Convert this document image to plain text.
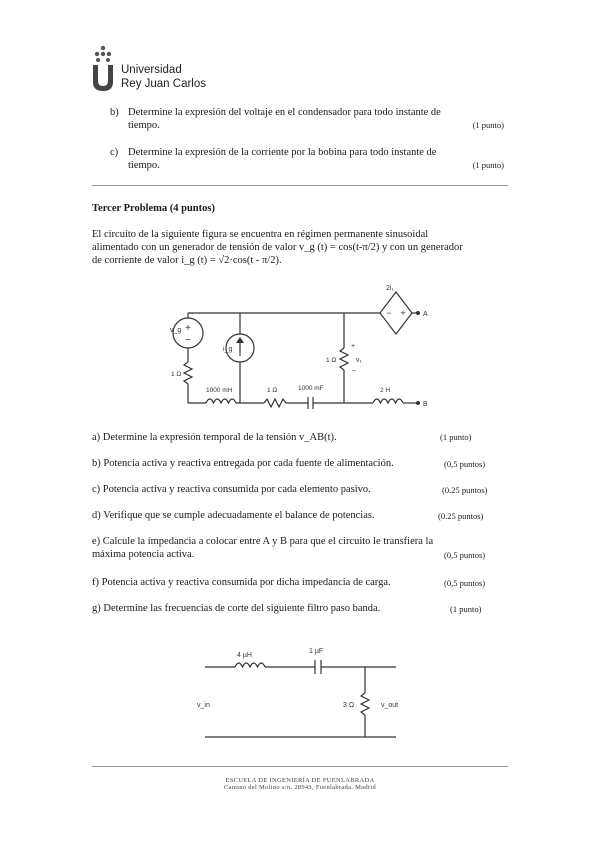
Universidad
Rey Juan Carlos
b) Determine la expresión del voltaje en el condensador para todo instante de
tiempo.	(1 punto)
c) Determine la expresión de la corriente por la bobina para todo instante de
tiempo.	(1 punto)
Tercer Problema (4 puntos)
El circuito de la siguiente figura se encuentra en régimen permanente sinusoidal
alimentado con un generador de tensión de valor v_g (t) = cos(t-π/2) y con un generador
de corriente de valor i_g (t) = √2·cos(t - π/2).
+
−
− +
2i₁
A
B
v_g
i_g
1 Ω
1 Ω
+
v₁
−
1000 mH	1 Ω	1000 mF	2 H
a) Determine la expresión temporal de la tensión v_AB(t).	(1 punto)
b) Potencia activa y reactiva entregada por cada fuente de alimentación.	(0,5 puntos)
c) Potencia activa y reactiva consumida por cada elemento pasivo.	(0.25 puntos)
d) Verifique que se cumple adecuadamente el balance de potencias.	(0.25 puntos)
e) Calcule la impedancia a colocar entre A y B para que el circuito le transfiera la
máxima potencia activa.	(0,5 puntos)
f) Potencia activa y reactiva consumida por dicha impedancia de carga.	(0,5 puntos)
g) Determine las frecuencias de corte del siguiente filtro paso banda.	(1 punto)
4 µH
1 µF
3 Ω
v_in	v_out
ESCUELA DE INGENIERÍA DE FUENLABRADA
Camino del Molino s/n. 28943, Fuenlabrada. Madrid
